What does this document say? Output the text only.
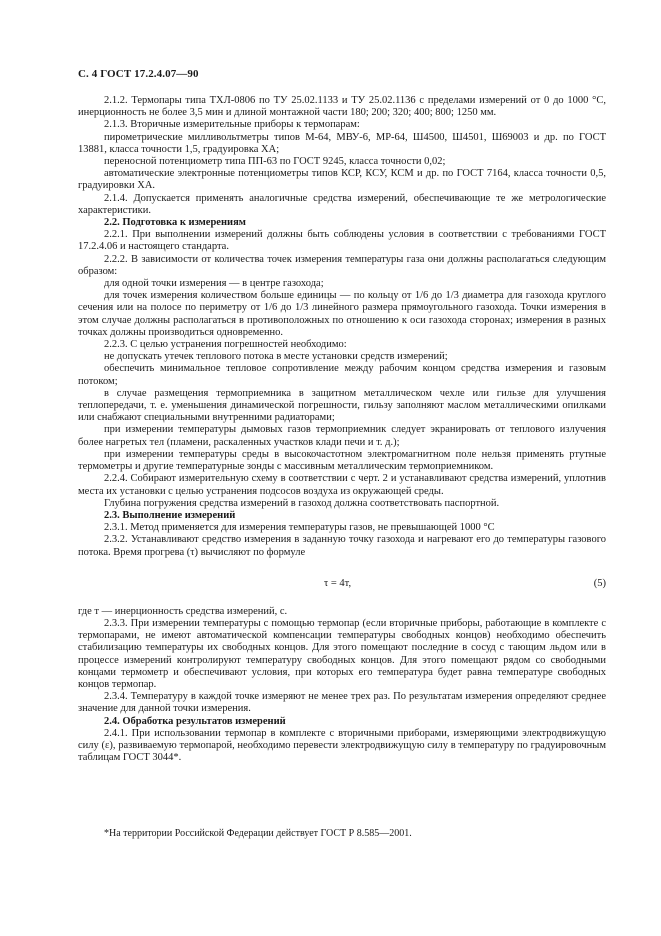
С. 4 ГОСТ 17.2.4.07—90

2.1.2. Термопары типа ТХЛ-0806 по ТУ 25.02.1133 и ТУ 25.02.1136 с пределами измерений от 0 до 1000 °С, инерционность не более 3,5 мин и длиной монтажной части 180; 200; 320; 400; 800; 1250 мм.

2.1.3. Вторичные измерительные приборы к термопарам:

пирометрические милливольтметры типов М-64, МВУ-6, МР-64, Ш4500, Ш4501, Ш69003 и др. по ГОСТ 13881, класса точности 1,5, градуировка ХА;

переносной потенциометр типа ПП-63 по ГОСТ 9245, класса точности 0,02;

автоматические электронные потенциометры типов КСР, КСУ, КСМ и др. по ГОСТ 7164, класса точности 0,5, градуировки ХА.

2.1.4. Допускается применять аналогичные средства измерений, обеспечивающие те же метрологические характеристики.

2.2. Подготовка к измерениям

2.2.1. При выполнении измерений должны быть соблюдены условия в соответствии с требованиями ГОСТ 17.2.4.06 и настоящего стандарта.

2.2.2. В зависимости от количества точек измерения температуры газа они должны располагаться следующим образом:

для одной точки измерения — в центре газохода;

для точек измерения количеством больше единицы — по кольцу от 1/6 до 1/3 диаметра для газохода круглого сечения или на полосе по периметру от 1/6 до 1/3 линейного размера прямоугольного газохода. Точки измерения в этом случае должны располагаться в противоположных по отношению к оси газохода сторонах; измерения в разных точках должны производиться одновременно.

2.2.3. С целью устранения погрешностей необходимо:

не допускать утечек теплового потока в месте установки средств измерений;

обеспечить минимальное тепловое сопротивление между рабочим концом средства измерения и газовым потоком;

в случае размещения термоприемника в защитном металлическом чехле или гильзе для улучшения теплопередачи, т. е. уменьшения динамической погрешности, гильзу заполняют маслом металлическими опилками или снабжают специальными внутренними радиаторами;

при измерении температуры дымовых газов термоприемник следует экранировать от теплового излучения более нагретых тел (пламени, раскаленных участков клади печи и т. д.);

при измерении температуры среды в высокочастотном электромагнитном поле нельзя применять ртутные термометры и другие температурные зонды с массивным металлическим термоприемником.

2.2.4. Собирают измерительную схему в соответствии с черт. 2 и устанавливают средства измерений, уплотнив места их установки с целью устранения подсосов воздуха из окружающей среды.

Глубина погружения средства измерений в газоход должна соответствовать паспортной.

2.3. Выполнение измерений

2.3.1. Метод применяется для измерения температуры газов, не превышающей 1000 °С

2.3.2. Устанавливают средство измерения в заданную точку газохода и нагревают его до температуры газового потока. Время прогрева (τ) вычисляют по формуле

τ = 4т,	(5)

где т — инерционность средства измерений, с.

2.3.3. При измерении температуры с помощью термопар (если вторичные приборы, работающие в комплекте с термопарами, не имеют автоматической компенсации температуры свободных концов) необходимо обеспечить стабилизацию температуры их свободных концов. Для этого помещают последние в сосуд с тающим льдом или в процессе измерений контролируют температуру свободных концов. Для этого помещают рядом со свободными концами термометр и обеспечивают условия, при которых его температура будет равна температуре свободных концов термопар.

2.3.4. Температуру в каждой точке измеряют не менее трех раз. По результатам измерения определяют среднее значение для данной точки измерения.

2.4. Обработка результатов измерений

2.4.1. При использовании термопар в комплекте с вторичными приборами, измеряющими электродвижущую силу (ε), развиваемую термопарой, необходимо перевести электродвижущую силу в температуру по градуировочным таблицам ГОСТ 3044*.

*На территории Российской Федерации действует ГОСТ Р 8.585—2001.
